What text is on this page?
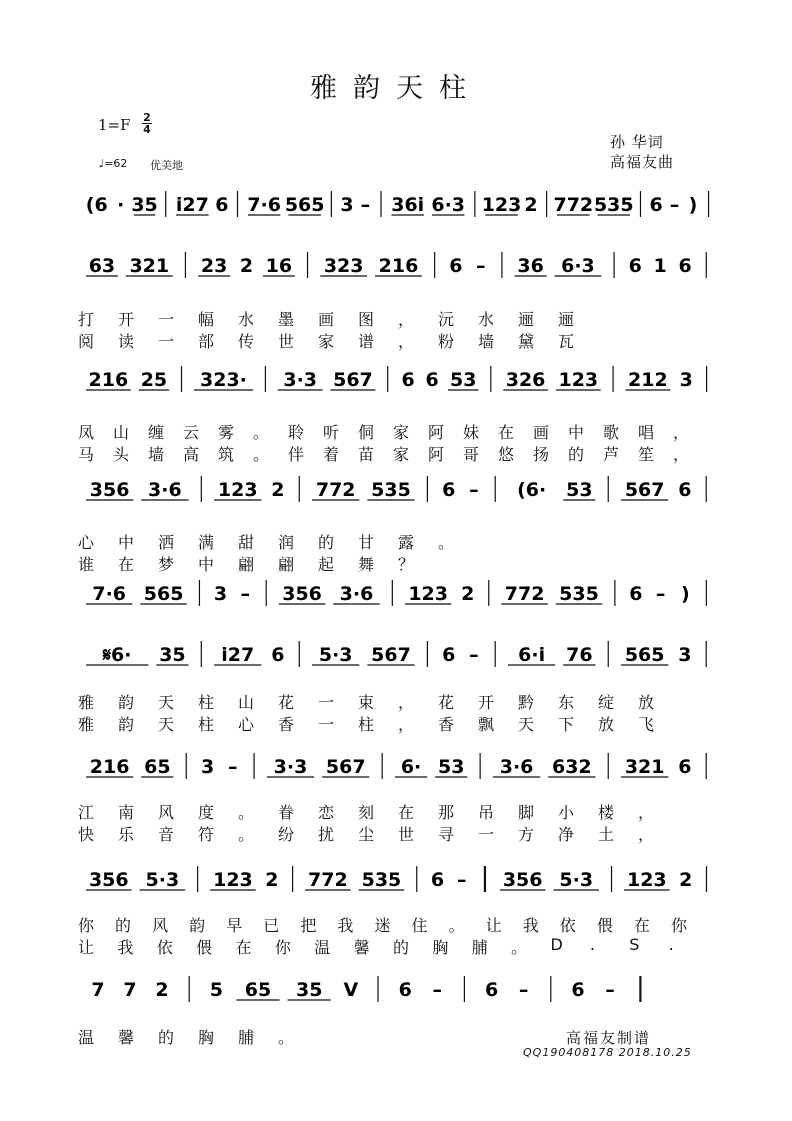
雅韵天柱
1=F 2
4
♩=62 优美地
孙 华词
高福友曲
(6 · 35 i27 6 7·6 565 3 – 36i 6·3 123 2 772 535 6 – )
63 321 23 2 16 323 216 6 – 36 6·3 6 1 6
216 25 323· 3·3 567 6 6 53 326 123 212 3
356 3·6 123 2 772 535 6 – (6· 53 567 6
7·6 565 3 – 356 3·6 123 2 772 535 6 – )
𝄋6· 35 i27 6 5·3 567 6 – 6·i 76 565 3
216 65 3 – 3·3 567 6· 53 3·6 632 321 6
356 5·3 123 2 772 535 6 – 356 5·3 123 2
7 7 2 5 65 35 V 6 – 6 – 6 –
打 开 一 幅 水 墨 画 图 ， 沅 水 逦 逦
阅 读 一 部 传 世 家 谱 ， 粉 墙 黛 瓦
凤 山 缠 云 雾 。 聆 听 侗 家 阿 妹 在 画 中 歌 唱 ，
马 头 墙 高 筑 。 伴 着 苗 家 阿 哥 悠 扬 的 芦 笙 ，
心 中 洒 满 甜 润 的 甘 露 。
谁 在 梦 中 翩 翩 起 舞 ？
雅 韵 天 柱 山 花 一 束 ， 花 开 黔 东 绽 放
雅 韵 天 柱 心 香 一 柱 ， 香 飘 天 下 放 飞
江 南 风 度 。 眷 恋 刻 在 那 吊 脚 小 楼 ，
快 乐 音 符 。 纷 扰 尘 世 寻 一 方 净 土 ，
你 的 风 韵 早 已 把 我 迷 住 。 让 我 依 偎 在 你
让 我 依 偎 在 你 温 馨 的 胸 脯 。 D . S .
温 馨 的 胸 脯 。	高福友制谱
QQ190408178 2018.10.25
